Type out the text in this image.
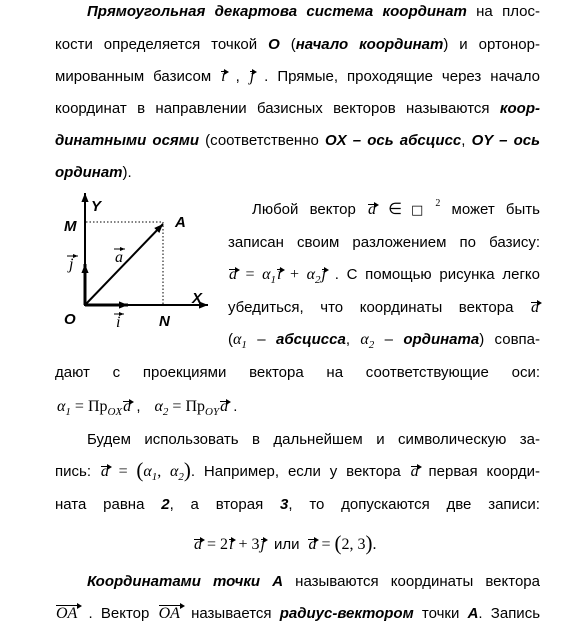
Прямоугольная декартова система координат на плос-
кости определяется точкой O (начало координат) и ортонор-
мированным базисом i , j . Прямые, проходящие через начало
координат в направлении базисных векторов называются коор-
динатными осями (соответственно OX – ось абсцисс, OY – ось
ординат).
Y
M	A
X
O	N
a
j
i
Любой вектор a ∈ □ $^2$ может быть
записан своим разложением по базису:
$a = \alpha_1i + \alpha_2j$ . С помощью рисунка легко
убедиться, что координаты вектора a
($\alpha_1$ – абсцисса, $\alpha_2$ – ордината) совпа-
дают с проекциями вектора на соответствующие оси:
$\alpha_1 = Пр_{OX}a$ , $\alpha_2 = Пр_{OY}a$ .
Будем использовать в дальнейшем и символическую за-
пись: $a = (\alpha_1$, $\alpha_2$). Например, если у вектора a первая коорди-
ната равна 2, а вторая 3, то допускаются две записи:
a = 2i + 3j или a = (2, 3).
Координатами точки A называются координаты вектора
OA . Вектор OA называется радиус-вектором точки A. Запись
